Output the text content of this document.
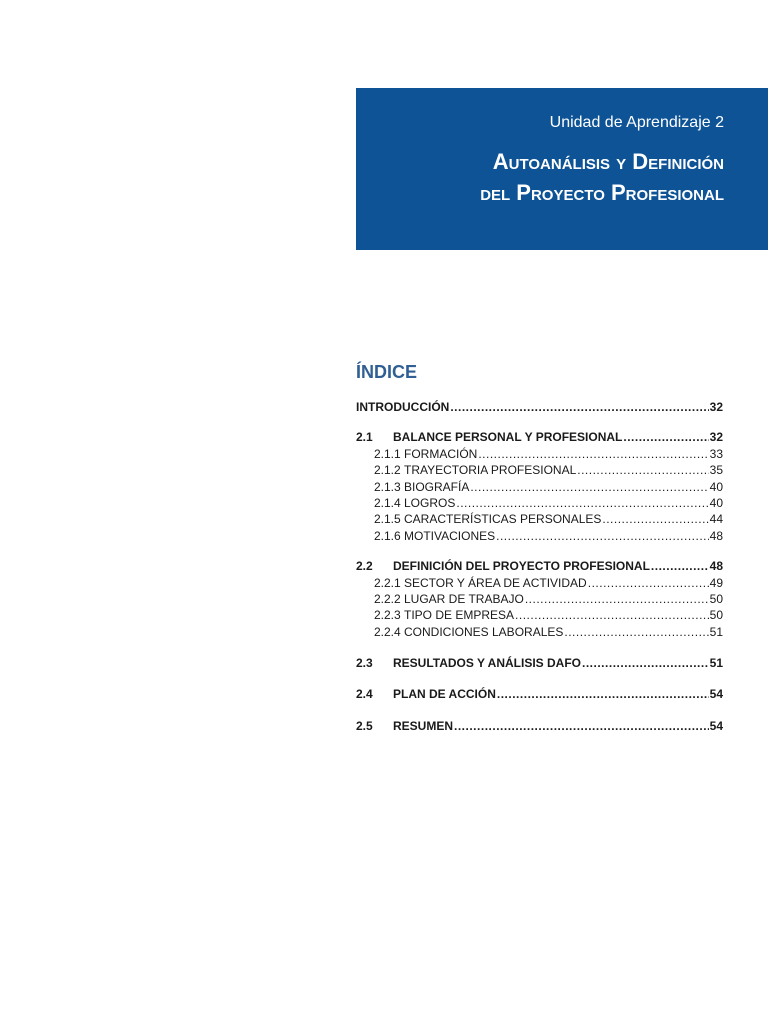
Unidad de Aprendizaje 2
Autoanálisis y Definición
del Proyecto Profesional
ÍNDICE
INTRODUCCIÓN .....	32
2.1	BALANCE PERSONAL Y PROFESIONAL .....	32
2.1.1 FORMACIÓN .....	33
2.1.2 TRAYECTORIA PROFESIONAL .....	35
2.1.3 BIOGRAFÍA .....	40
2.1.4 LOGROS .....	40
2.1.5 CARACTERÍSTICAS PERSONALES .....	44
2.1.6 MOTIVACIONES .....	48
2.2	DEFINICIÓN DEL PROYECTO PROFESIONAL .....	48
2.2.1 SECTOR Y ÁREA DE ACTIVIDAD .....	49
2.2.2 LUGAR DE TRABAJO .....	50
2.2.3 TIPO DE EMPRESA .....	50
2.2.4 CONDICIONES LABORALES .....	51
2.3	RESULTADOS Y ANÁLISIS DAFO .....	51
2.4	PLAN DE ACCIÓN .....	54
2.5	RESUMEN .....	54
